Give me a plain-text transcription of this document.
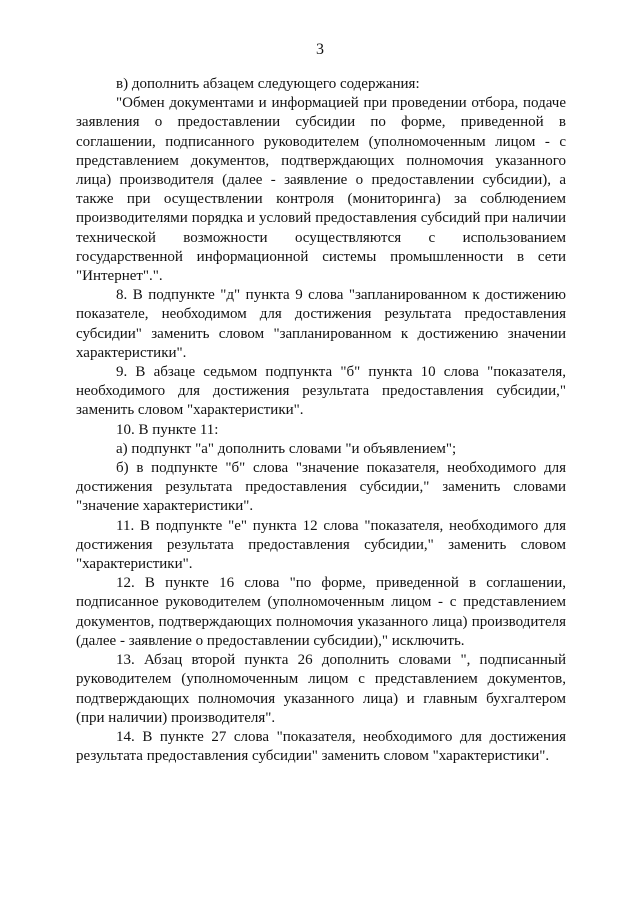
3

в) дополнить абзацем следующего содержания:

"Обмен документами и информацией при проведении отбора, подаче заявления о предоставлении субсидии по форме, приведенной в соглашении, подписанного руководителем (уполномоченным лицом - с представлением документов, подтверждающих полномочия указанного лица) производителя (далее - заявление о предоставлении субсидии), а также при осуществлении контроля (мониторинга) за соблюдением производителями порядка и условий предоставления субсидий при наличии технической возможности осуществляются с использованием государственной информационной системы промышленности в сети "Интернет".".

8. В подпункте "д" пункта 9 слова "запланированном к достижению показателе, необходимом для достижения результата предоставления субсидии" заменить словом "запланированном к достижению значении характеристики".

9. В абзаце седьмом подпункта "б" пункта 10 слова "показателя, необходимого для достижения результата предоставления субсидии," заменить словом "характеристики".

10. В пункте 11:

а) подпункт "а" дополнить словами "и объявлением";

б) в подпункте "б" слова "значение показателя, необходимого для достижения результата предоставления субсидии," заменить словами "значение характеристики".

11. В подпункте "е" пункта 12 слова "показателя, необходимого для достижения результата предоставления субсидии," заменить словом "характеристики".

12. В пункте 16 слова "по форме, приведенной в соглашении, подписанное руководителем (уполномоченным лицом - с представлением документов, подтверждающих полномочия указанного лица) производителя (далее - заявление о предоставлении субсидии)," исключить.

13. Абзац второй пункта 26 дополнить словами ", подписанный руководителем (уполномоченным лицом с представлением документов, подтверждающих полномочия указанного лица) и главным бухгалтером (при наличии) производителя".

14. В пункте 27 слова "показателя, необходимого для достижения результата предоставления субсидии" заменить словом "характеристики".
